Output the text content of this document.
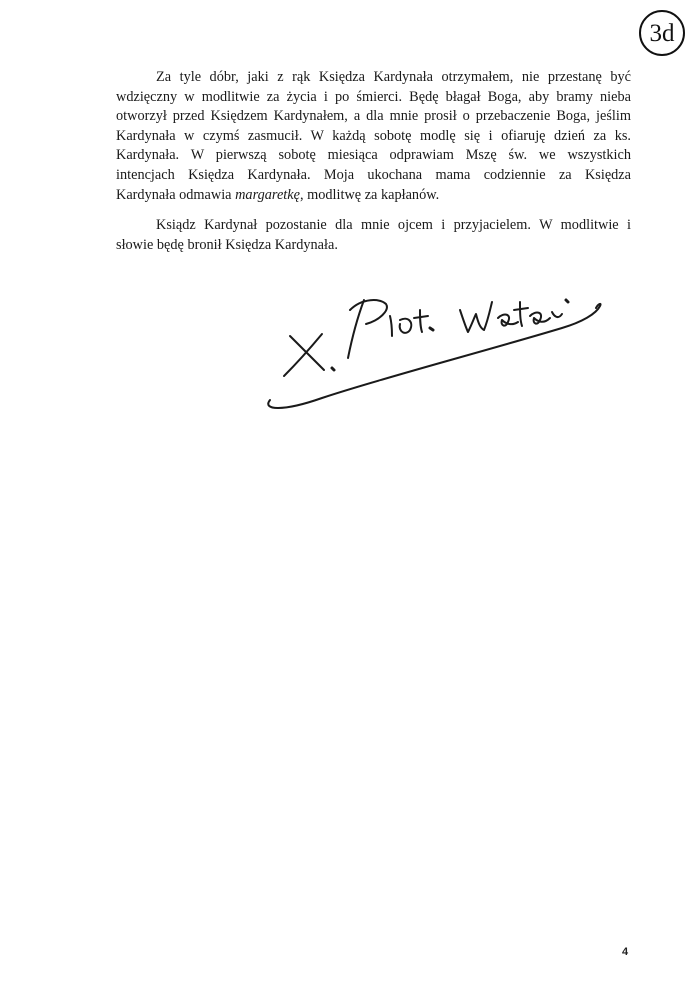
3d
Za tyle dóbr, jaki z rąk Księdza Kardynała otrzymałem, nie przestanę być
wdzięczny w modlitwie za życia i po śmierci. Będę błagał Boga, aby bramy nieba
otworzył przed Księdzem Kardynałem, a dla mnie prosił o przebaczenie Boga, jeślim
Kardynała w czymś zasmucił. W każdą sobotę modlę się i ofiaruję dzień za ks.
Kardynała. W pierwszą sobotę miesiąca odprawiam Mszę św. we wszystkich
intencjach Księdza Kardynała. Moja ukochana mama codziennie za Księdza
Kardynała odmawia margaretkę, modlitwę za kapłanów.
Ksiądz Kardynał pozostanie dla mnie ojcem i przyjacielem. W modlitwie i
słowie będę bronił Księdza Kardynała.
4
